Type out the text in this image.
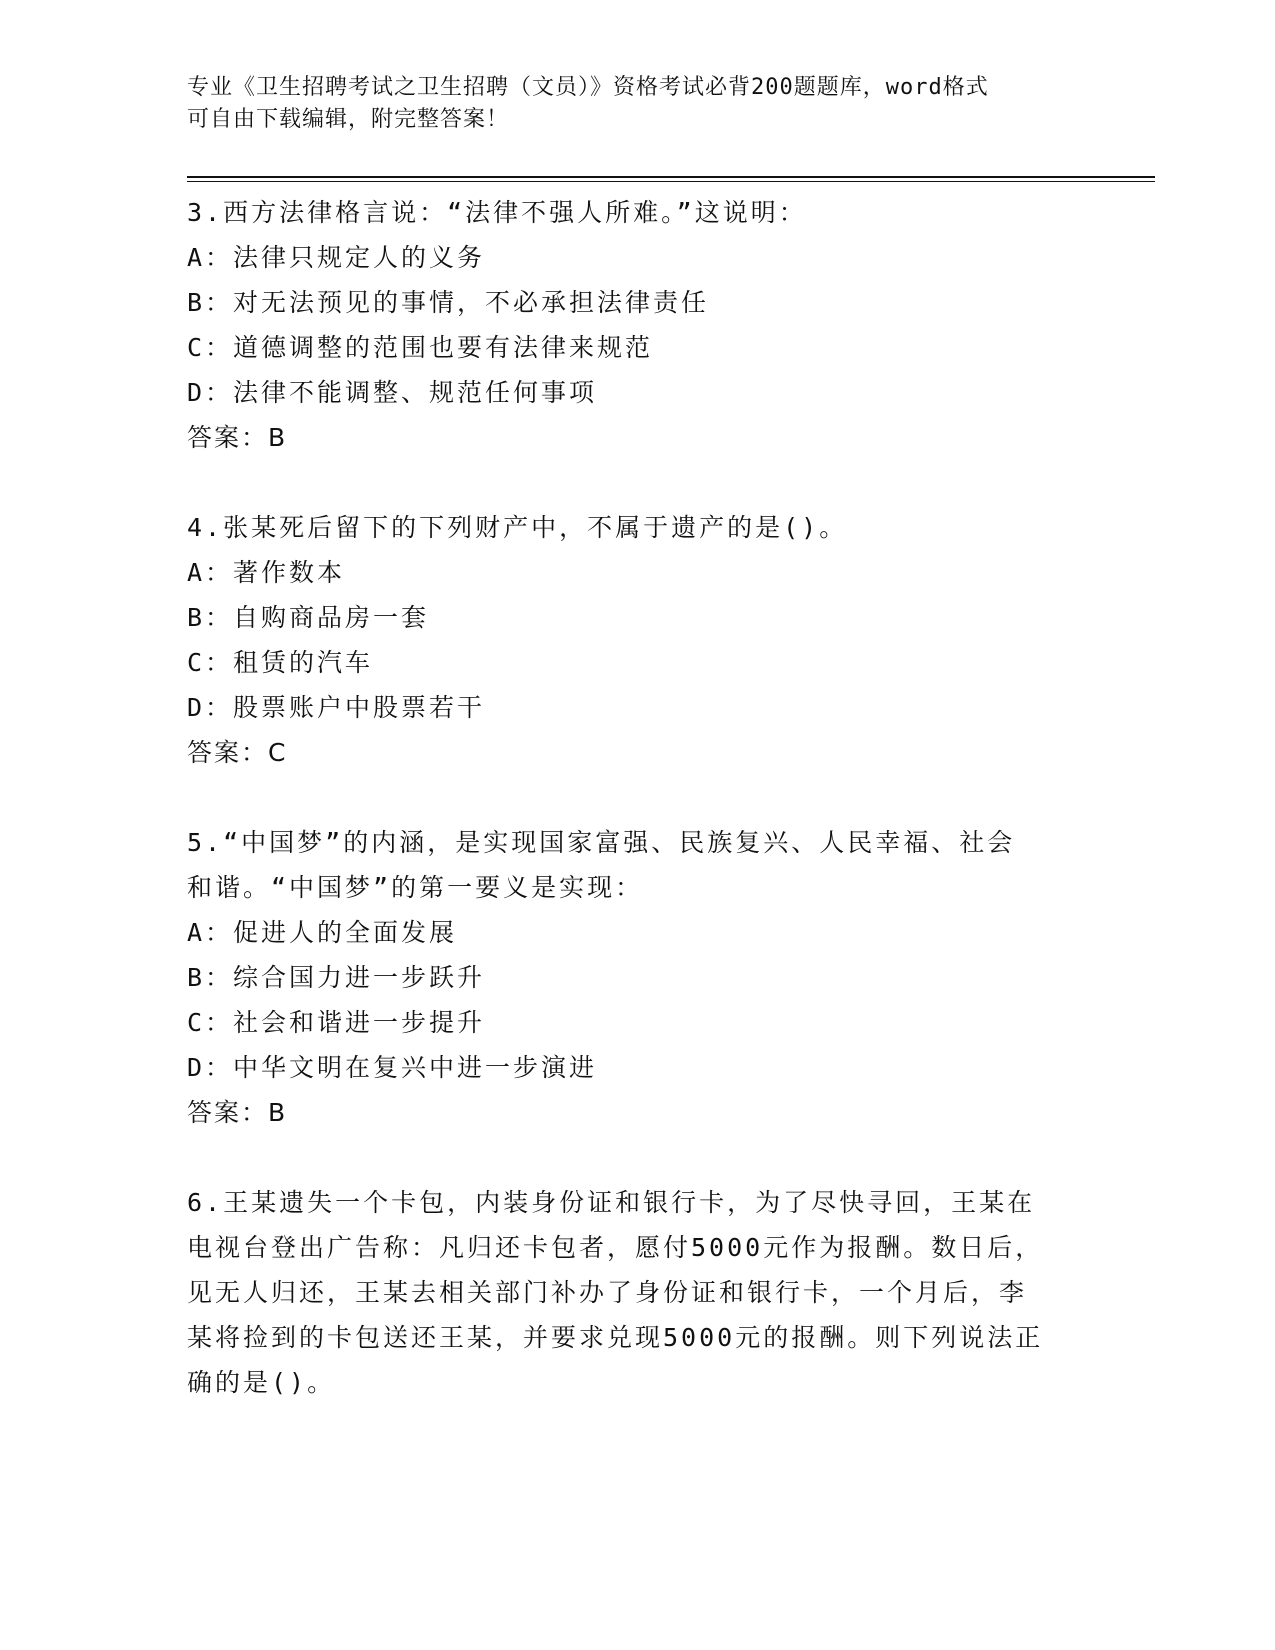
专业《卫生招聘考试之卫生招聘（文员）》资格考试必背200题题库，word格式
可自由下载编辑，附完整答案！
3.西方法律格言说：“法律不强人所难。”这说明：
A：法律只规定人的义务
B：对无法预见的事情，不必承担法律责任
C：道德调整的范围也要有法律来规范
D：法律不能调整、规范任何事项
答案：B
4.张某死后留下的下列财产中，不属于遗产的是()。
A：著作数本
B：自购商品房一套
C：租赁的汽车
D：股票账户中股票若干
答案：C
5.“中国梦”的内涵，是实现国家富强、民族复兴、人民幸福、社会
和谐。“中国梦”的第一要义是实现：
A：促进人的全面发展
B：综合国力进一步跃升
C：社会和谐进一步提升
D：中华文明在复兴中进一步演进
答案：B
6.王某遗失一个卡包，内装身份证和银行卡，为了尽快寻回，王某在
电视台登出广告称：凡归还卡包者，愿付5000元作为报酬。数日后，
见无人归还，王某去相关部门补办了身份证和银行卡，一个月后，李
某将捡到的卡包送还王某，并要求兑现5000元的报酬。则下列说法正
确的是()。
